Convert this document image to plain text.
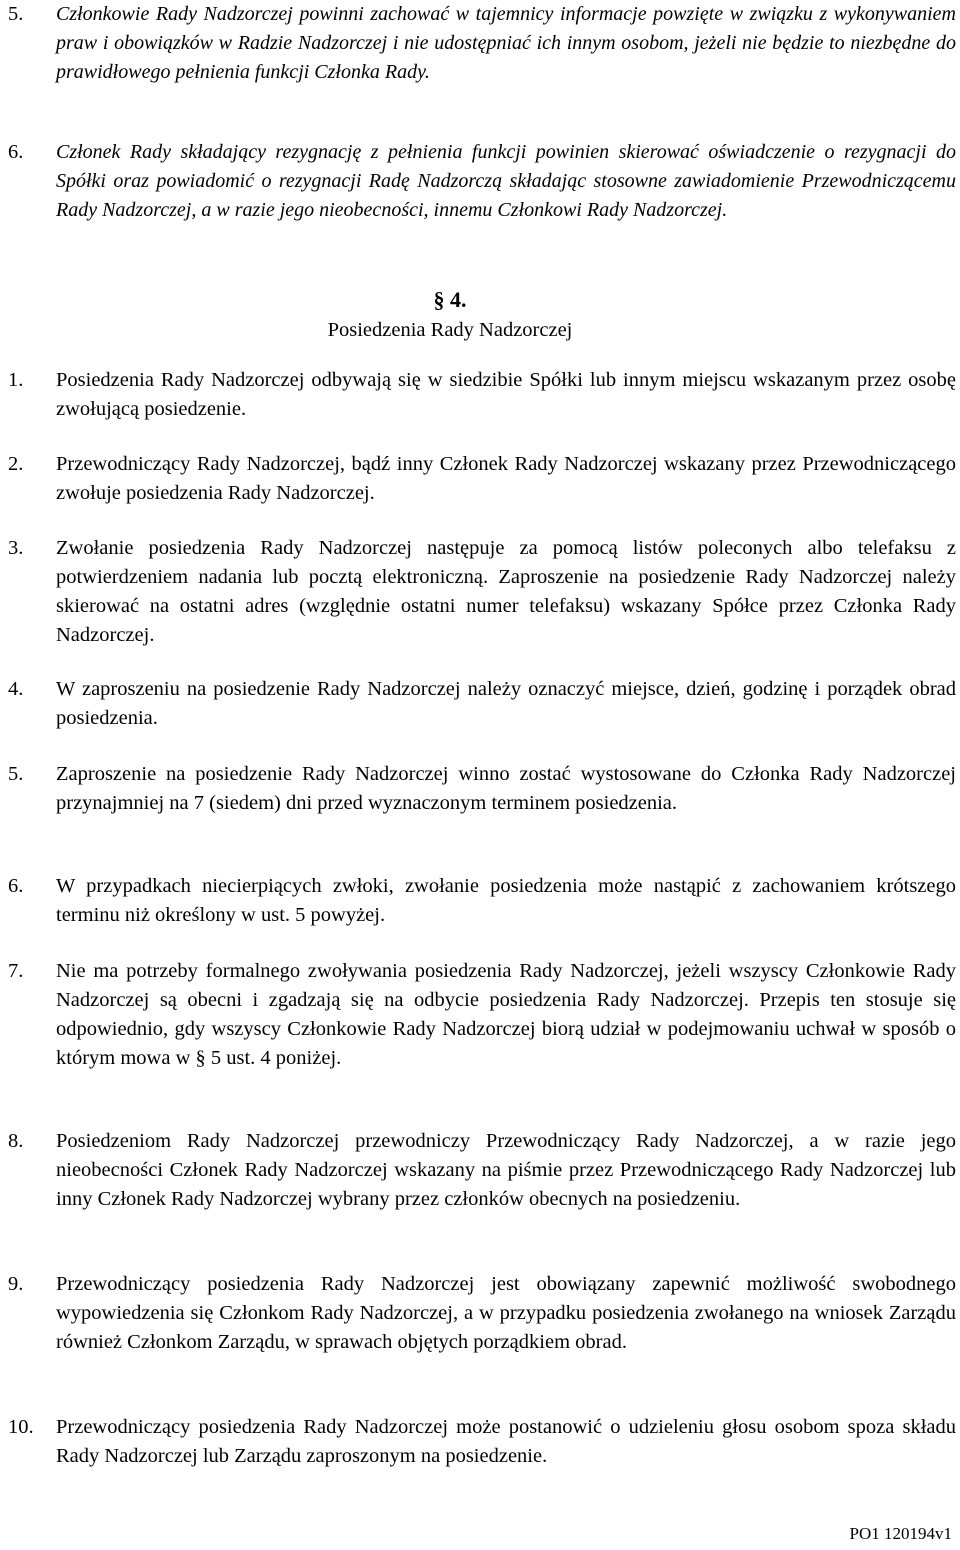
5.	Członkowie Rady Nadzorczej powinni zachować w tajemnicy informacje powzięte w związku z wykonywaniem praw i obowiązków w Radzie Nadzorczej i nie udostępniać ich innym osobom, jeżeli nie będzie to niezbędne do prawidłowego pełnienia funkcji Członka Rady.
6.	Członek Rady składający rezygnację z pełnienia funkcji powinien skierować oświadczenie o rezygnacji do Spółki oraz powiadomić o rezygnacji Radę Nadzorczą składając stosowne zawiadomienie Przewodniczącemu Rady Nadzorczej, a w razie jego nieobecności, innemu Członkowi Rady Nadzorczej.
§ 4.
Posiedzenia Rady Nadzorczej
1.	Posiedzenia Rady Nadzorczej odbywają się w siedzibie Spółki lub innym miejscu wskazanym przez osobę zwołującą posiedzenie.
2.	Przewodniczący Rady Nadzorczej, bądź inny Członek Rady Nadzorczej wskazany przez Przewodniczącego zwołuje posiedzenia Rady Nadzorczej.
3.	Zwołanie posiedzenia Rady Nadzorczej następuje za pomocą listów poleconych albo telefaksu z potwierdzeniem nadania lub pocztą elektroniczną. Zaproszenie na posiedzenie Rady Nadzorczej należy skierować na ostatni adres (względnie ostatni numer telefaksu) wskazany Spółce przez Członka Rady Nadzorczej.
4.	W zaproszeniu na posiedzenie Rady Nadzorczej należy oznaczyć miejsce, dzień, godzinę i porządek obrad posiedzenia.
5.	Zaproszenie na posiedzenie Rady Nadzorczej winno zostać wystosowane do Członka Rady Nadzorczej przynajmniej na 7 (siedem) dni przed wyznaczonym terminem posiedzenia.
6.	W przypadkach niecierpiących zwłoki, zwołanie posiedzenia może nastąpić z zachowaniem krótszego terminu niż określony w ust. 5 powyżej.
7.	Nie ma potrzeby formalnego zwoływania posiedzenia Rady Nadzorczej, jeżeli wszyscy Członkowie Rady Nadzorczej są obecni i zgadzają się na odbycie posiedzenia Rady Nadzorczej. Przepis ten stosuje się odpowiednio, gdy wszyscy Członkowie Rady Nadzorczej biorą udział w podejmowaniu uchwał w sposób o którym mowa w § 5 ust. 4 poniżej.
8.	Posiedzeniom Rady Nadzorczej przewodniczy Przewodniczący Rady Nadzorczej, a w razie jego nieobecności Członek Rady Nadzorczej wskazany na piśmie przez Przewodniczącego Rady Nadzorczej lub inny Członek Rady Nadzorczej wybrany przez członków obecnych na posiedzeniu.
9.	Przewodniczący posiedzenia Rady Nadzorczej jest obowiązany zapewnić możliwość swobodnego wypowiedzenia się Członkom Rady Nadzorczej, a w przypadku posiedzenia zwołanego na wniosek Zarządu również Członkom Zarządu, w sprawach objętych porządkiem obrad.
10.	Przewodniczący posiedzenia Rady Nadzorczej może postanowić o udzieleniu głosu osobom spoza składu Rady Nadzorczej lub Zarządu zaproszonym na posiedzenie.
PO1 120194v1
